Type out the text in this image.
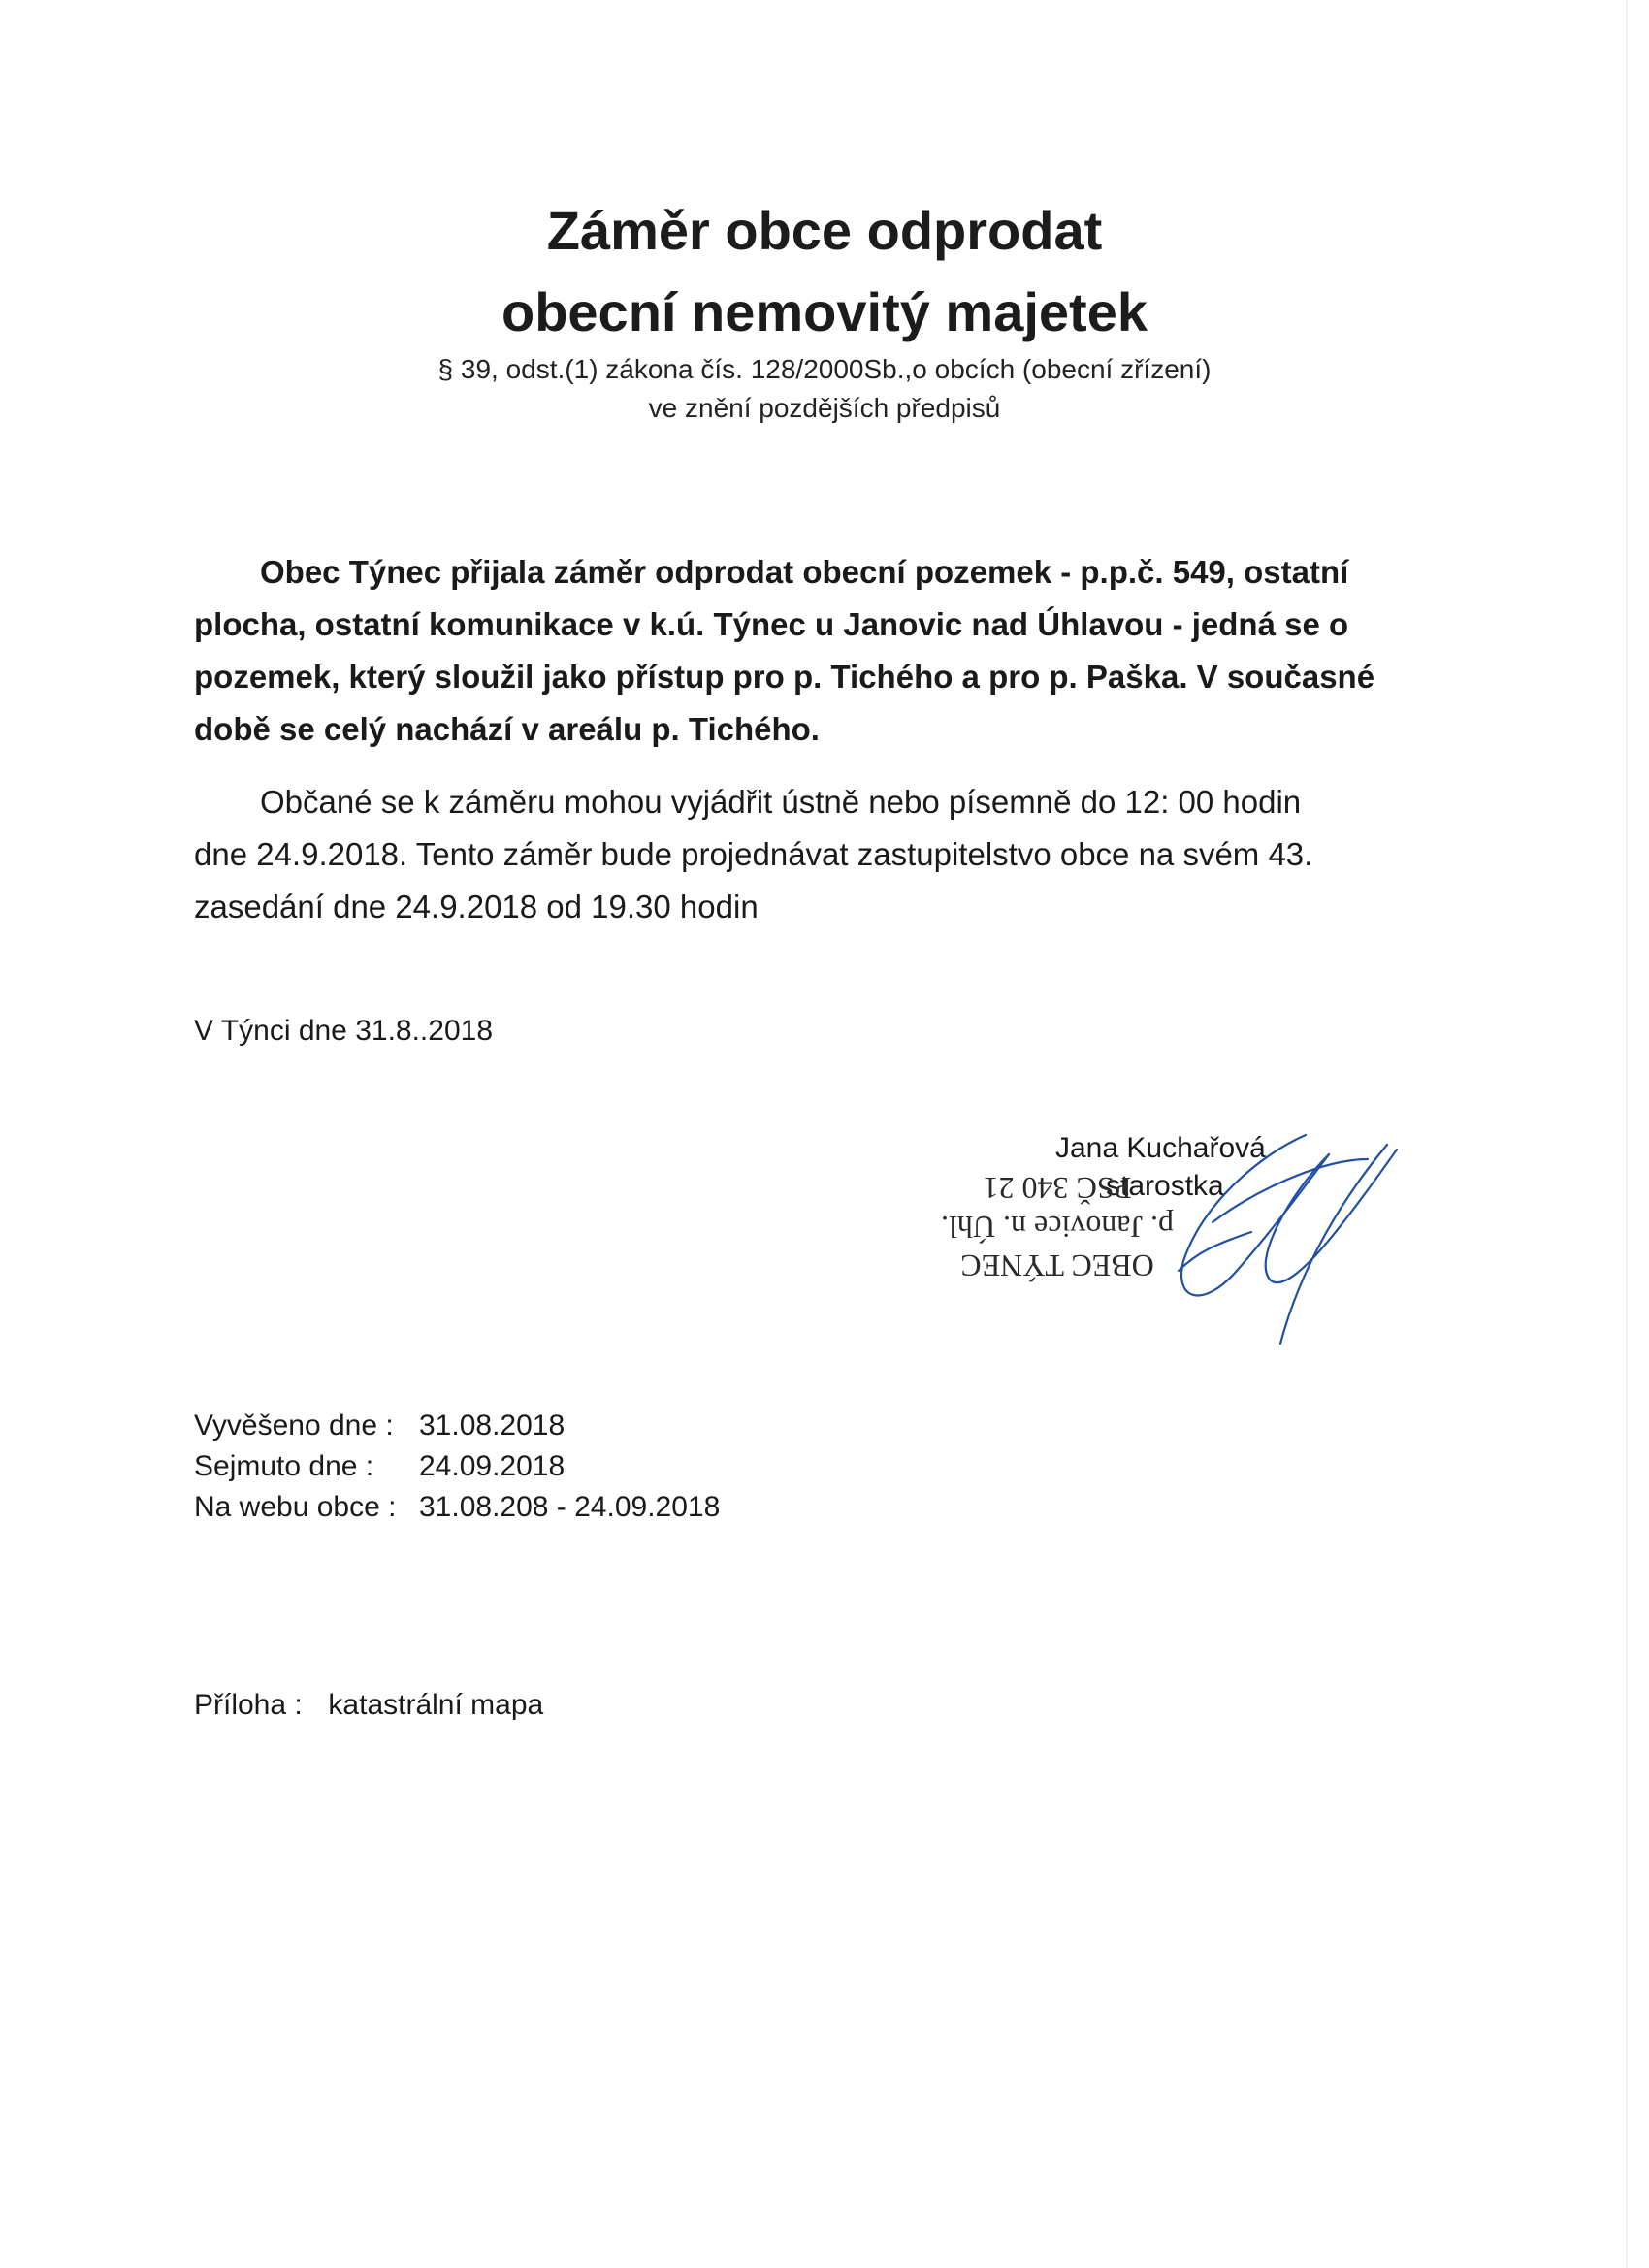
Záměr obce odprodat
obecní nemovitý majetek
§ 39, odst.(1) zákona čís. 128/2000Sb.,o obcích (obecní zřízení)
ve znění pozdějších předpisů
Obec Týnec přijala záměr odprodat obecní pozemek - p.p.č. 549, ostatní
plocha, ostatní komunikace v k.ú. Týnec u Janovic nad Úhlavou - jedná se o
pozemek, který sloužil jako přístup pro p. Tichého a pro p. Paška. V současné
době se celý nachází v areálu p. Tichého.
Občané se k záměru mohou vyjádřit ústně nebo písemně do 12: 00 hodin
dne 24.9.2018. Tento záměr bude projednávat zastupitelstvo obce na svém 43.
zasedání dne 24.9.2018 od 19.30 hodin
V Týnci dne 31.8..2018
Jana Kuchařová
starostka
OBEC TÝNEC
p. Janovice n. Úhl.
PSČ 340 21
Vyvěšeno dne : 31.08.2018
Sejmuto dne : 24.09.2018
Na webu obce : 31.08.208 - 24.09.2018
Příloha : katastrální mapa
